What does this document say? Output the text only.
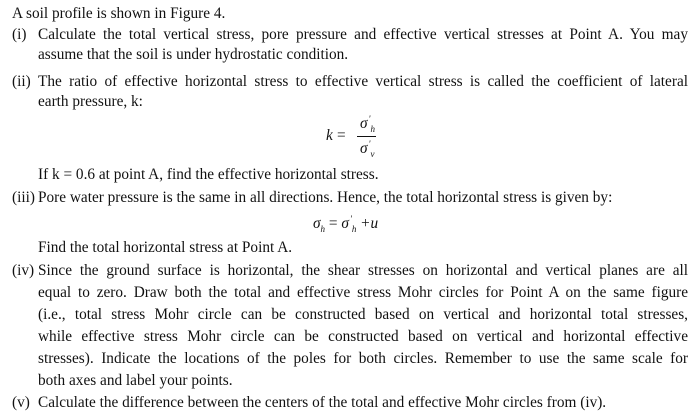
A soil profile is shown in Figure 4.
(i) Calculate the total vertical stress, pore pressure and effective vertical stresses at Point A. You may
assume that the soil is under hydrostatic condition.
(ii) The ratio of effective horizontal stress to effective vertical stress is called the coefficient of lateral
earth pressure, k:
k =
$\sigma'_h$
$\sigma'_v$
If k = 0.6 at point A, find the effective horizontal stress.
(iii) Pore water pressure is the same in all directions. Hence, the total horizontal stress is given by:
$\sigma_h = \sigma'_h +u$
Find the total horizontal stress at Point A.
(iv) Since the ground surface is horizontal, the shear stresses on horizontal and vertical planes are all
equal to zero. Draw both the total and effective stress Mohr circles for Point A on the same figure
(i.e., total stress Mohr circle can be constructed based on vertical and horizontal total stresses,
while effective stress Mohr circle can be constructed based on vertical and horizontal effective
stresses). Indicate the locations of the poles for both circles. Remember to use the same scale for
both axes and label your points.
(v) Calculate the difference between the centers of the total and effective Mohr circles from (iv).
